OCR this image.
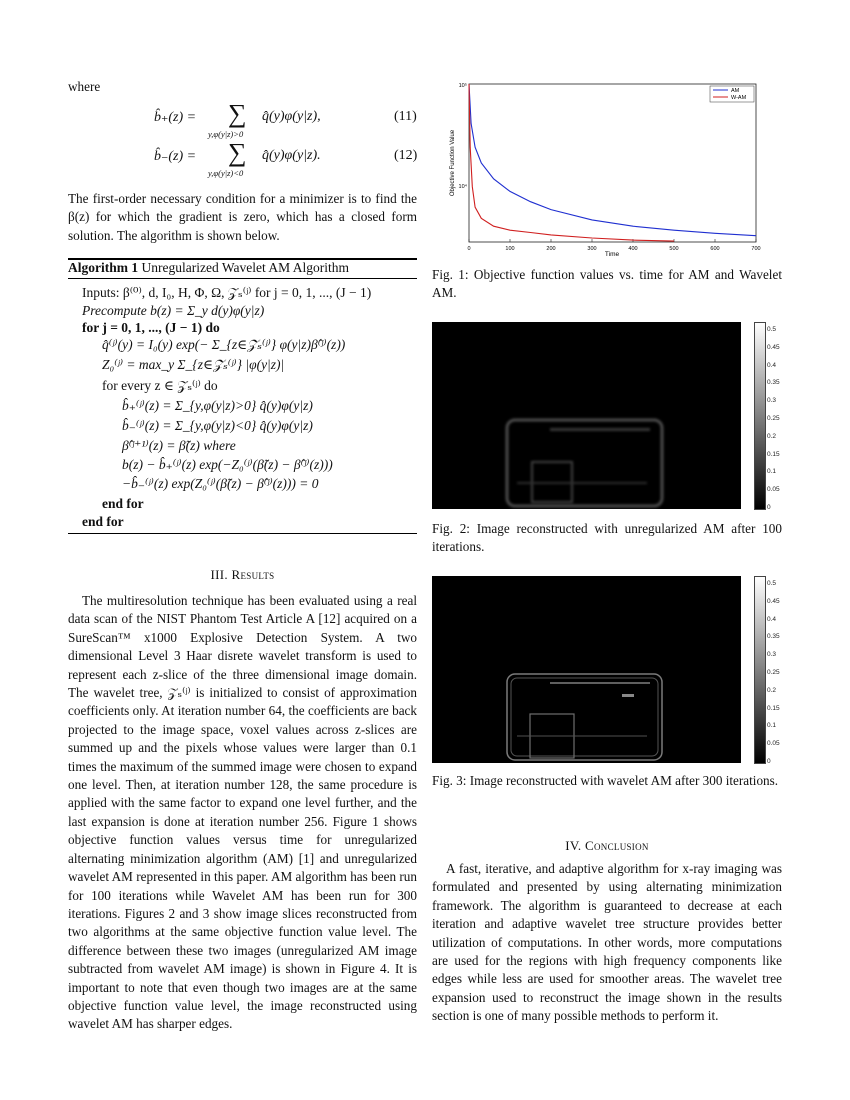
where
b̂₊(z) = ∑
y,φ(y|z)>0
q̂(y)φ(y|z),	(11)
b̂₋(z) = ∑
y,φ(y|z)<0
q̂(y)φ(y|z).	(12)
The first-order necessary condition for a minimizer is to find the β(z) for which the gradient is zero, which has a closed form solution. The algorithm is shown below.
Algorithm 1 Unregularized Wavelet AM Algorithm
Inputs: β⁽⁰⁾, d, I₀, H, Φ, Ω, 𝒵ₛ⁽ʲ⁾ for j = 0, 1, ..., (J − 1)
Precompute b(z) = Σ_y d(y)φ(y|z)
for j = 0, 1, ..., (J − 1) do
q̂⁽ʲ⁾(y) = I₀(y) exp(− Σ_{z∈𝒵ₛ⁽ʲ⁾} φ(y|z)β̂⁽ʲ⁾(z))
Z₀⁽ʲ⁾ = max_y Σ_{z∈𝒵ₛ⁽ʲ⁾} |φ(y|z)|
for every z ∈ 𝒵ₛ⁽ʲ⁾ do
b̂₊⁽ʲ⁾(z) = Σ_{y,φ(y|z)>0} q̂(y)φ(y|z)
b̂₋⁽ʲ⁾(z) = Σ_{y,φ(y|z)<0} q̂(y)φ(y|z)
β̂⁽ʲ⁺¹⁾(z) = β̃(z) where
b(z) − b̂₊⁽ʲ⁾(z) exp(−Z₀⁽ʲ⁾(β̃(z) − β̂⁽ʲ⁾(z)))
−b̂₋⁽ʲ⁾(z) exp(Z₀⁽ʲ⁾(β̃(z) − β̂⁽ʲ⁾(z))) = 0
end for
end for
III. Results
The multiresolution technique has been evaluated using a real data scan of the NIST Phantom Test Article A [12] acquired on a SureScan™ x1000 Explosive Detection System. A two dimensional Level 3 Haar disrete wavelet transform is used to represent each z-slice of the three dimensional image domain. The wavelet tree, 𝒵ₛ⁽ʲ⁾ is initialized to consist of approximation coefficients only. At iteration number 64, the coefficients are back projected to the image space, voxel values across z-slices are summed up and the pixels whose values were larger than 0.1 times the maximum of the summed image were chosen to expand one level. Then, at iteration number 128, the same procedure is applied with the same factor to expand one level further, and the last expansion is done at iteration number 256. Figure 1 shows objective function values versus time for unregularized alternating minimization algorithm (AM) [1] and unregularized wavelet AM represented in this paper. AM algorithm has been run for 100 iterations while Wavelet AM has been run for 300 iterations. Figures 2 and 3 show image slices reconstructed from two algorithms at the same objective function value level. The difference between these two images (unregularized AM image subtracted from wavelet AM image) is shown in Figure 4. It is important to note that even though two images are at the same objective function value level, the image reconstructed using wavelet AM has sharper edges.
0	100	200	300	400	500	600	700
10⁵
10⁴
Time
Objective Function Value
AM
W-AM
Fig. 1: Objective function values vs. time for AM and Wavelet AM.
0.5
0.45
0.4
0.35
0.3
0.25
0.2
0.15
0.1
0.05
0
Fig. 2: Image reconstructed with unregularized AM after 100 iterations.
0.5
0.45
0.4
0.35
0.3
0.25
0.2
0.15
0.1
0.05
0
Fig. 3: Image reconstructed with wavelet AM after 300 iterations.
IV. Conclusion
A fast, iterative, and adaptive algorithm for x-ray imaging was formulated and presented by using alternating minimization framework. The algorithm is guaranteed to decrease at each iteration and adaptive wavelet tree structure provides better utilization of computations. In other words, more computations are used for the regions with high frequency components like edges while less are used for smoother areas. The wavelet tree expansion used to reconstruct the image shown in the results section is one of many possible methods to perform it.
